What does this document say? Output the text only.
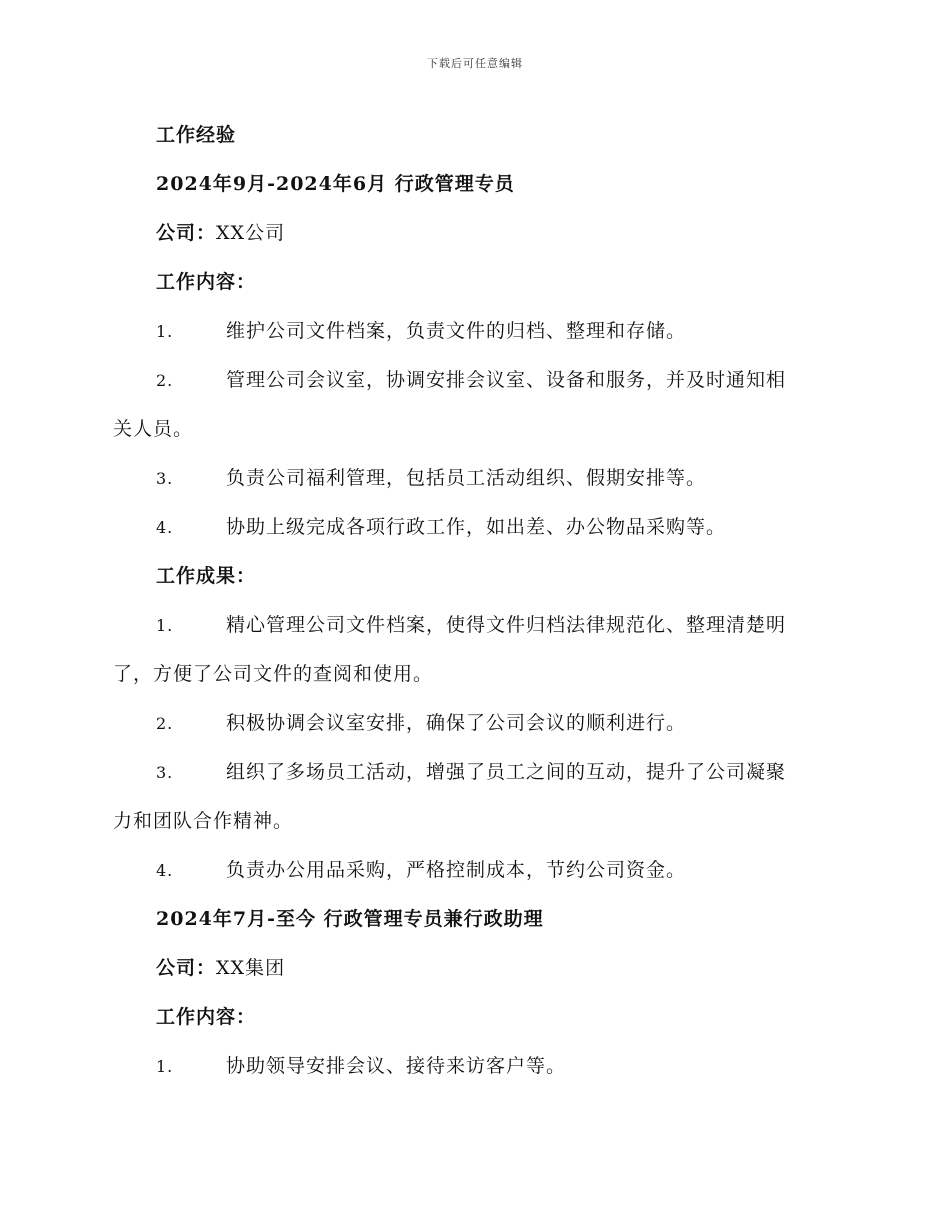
下载后可任意编辑
工作经验
2024年9月-2024年6月 行政管理专员
公司：XX公司
工作内容：
1.	维护公司文件档案，负责文件的归档、整理和存储。
2.	管理公司会议室，协调安排会议室、设备和服务，并及时通知相
关人员。
3.	负责公司福利管理，包括员工活动组织、假期安排等。
4.	协助上级完成各项行政工作，如出差、办公物品采购等。
工作成果：
1.	精心管理公司文件档案，使得文件归档法律规范化、整理清楚明
了，方便了公司文件的查阅和使用。
2.	积极协调会议室安排，确保了公司会议的顺利进行。
3.	组织了多场员工活动，增强了员工之间的互动，提升了公司凝聚
力和团队合作精神。
4.	负责办公用品采购，严格控制成本，节约公司资金。
2024年7月-至今 行政管理专员兼行政助理
公司：XX集团
工作内容：
1.	协助领导安排会议、接待来访客户等。
